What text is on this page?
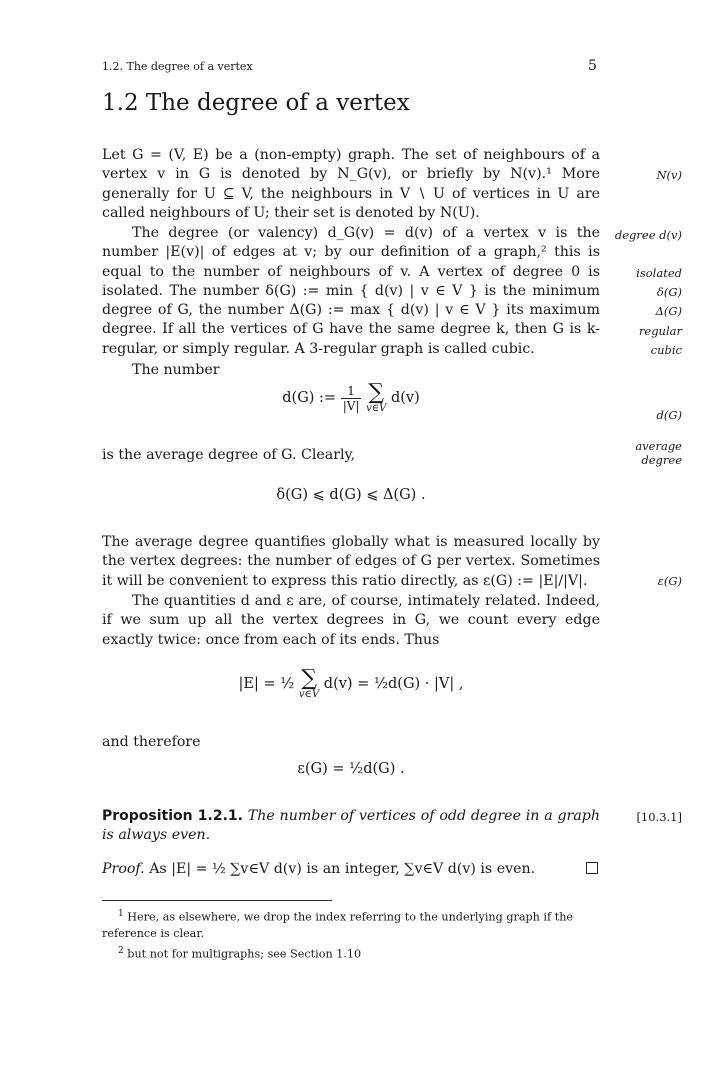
1.2. The degree of a vertex	5
1.2 The degree of a vertex
Let G = (V, E) be a (non-empty) graph. The set of neighbours of a vertex v in G is denoted by N_G(v), or briefly by N(v).¹ More generally for U ⊆ V, the neighbours in V ∖ U of vertices in U are called neighbours of U; their set is denoted by N(U).
The degree (or valency) d_G(v) = d(v) of a vertex v is the number |E(v)| of edges at v; by our definition of a graph,² this is equal to the number of neighbours of v. A vertex of degree 0 is isolated. The number δ(G) := min { d(v) | v ∈ V } is the minimum degree of G, the number Δ(G) := max { d(v) | v ∈ V } its maximum degree. If all the vertices of G have the same degree k, then G is k-regular, or simply regular. A 3-regular graph is called cubic.
The number
d(G) := $\frac{1}{|V|}$
∑
v∈V
d(v)
is the average degree of G. Clearly,
δ(G) ⩽ d(G) ⩽ Δ(G) .
The average degree quantifies globally what is measured locally by the vertex degrees: the number of edges of G per vertex. Sometimes it will be convenient to express this ratio directly, as ε(G) := |E|/|V|.
The quantities d and ε are, of course, intimately related. Indeed, if we sum up all the vertex degrees in G, we count every edge exactly twice: once from each of its ends. Thus
|E| = ½ ∑
v∈V
d(v) = ½d(G) · |V| ,
and therefore
ε(G) = ½d(G) .
Proposition 1.2.1. The number of vertices of odd degree in a graph is always even.
Proof. As |E| = ½ ∑v∈V d(v) is an integer, ∑v∈V d(v) is even.
$^1$ Here, as elsewhere, we drop the index referring to the underlying graph if the reference is clear.
$^2$ but not for multigraphs; see Section 1.10
N(v)
degree d(v)
isolated
δ(G)
Δ(G)
regular
cubic
d(G)
average degree
ε(G)
[10.3.1]
